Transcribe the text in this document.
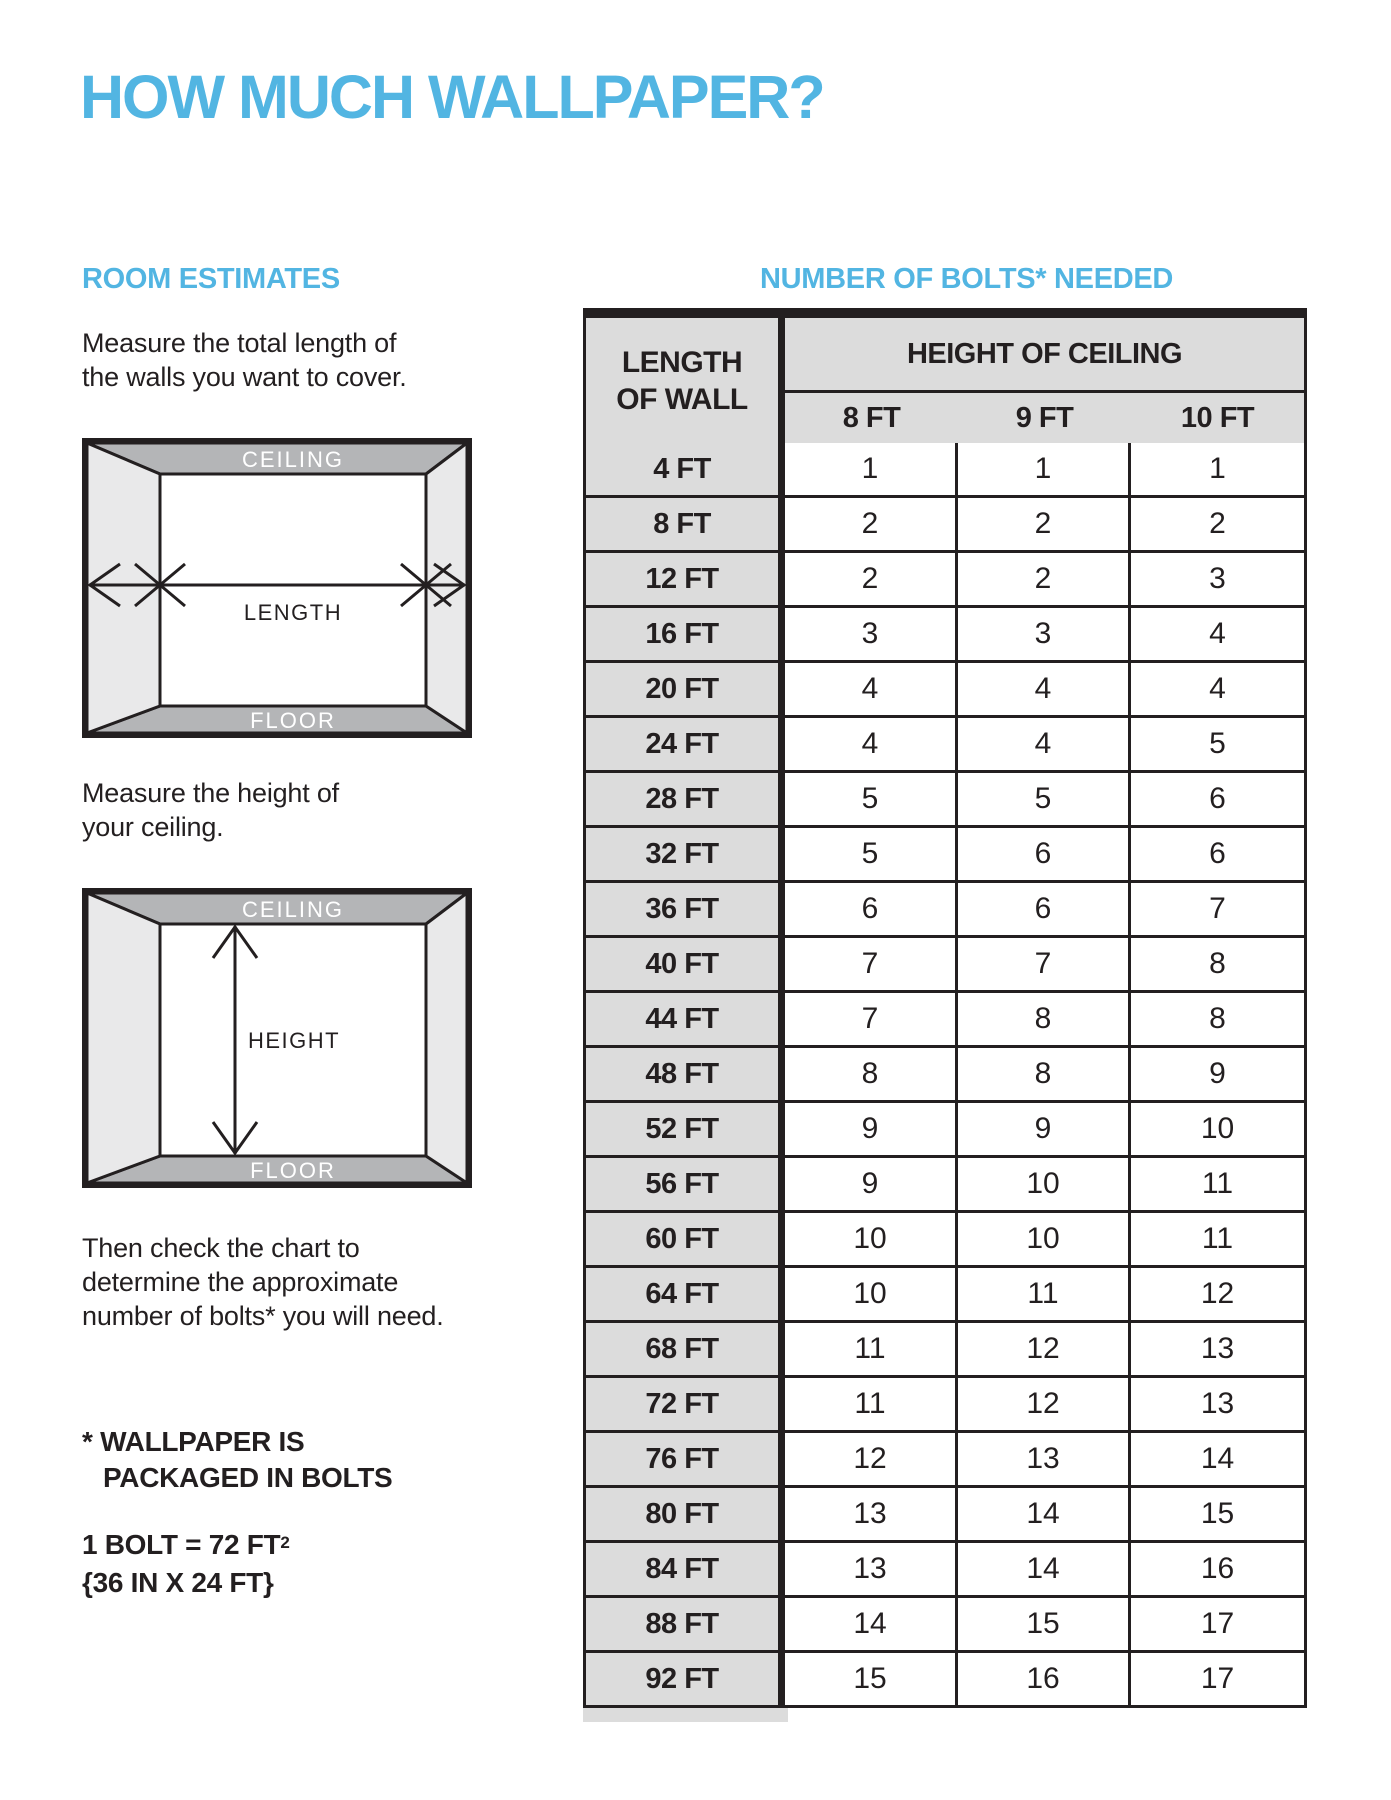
HOW MUCH WALLPAPER?
ROOM ESTIMATES	NUMBER OF BOLTS* NEEDED

Measure the total length of
the walls you want to cover.

CEILING
FLOOR
LENGTH

Measure the height of
your ceiling.

CEILING
FLOOR
HEIGHT

Then check the chart to
determine the approximate
number of bolts* you will need.

* WALLPAPER IS
PACKAGED IN BOLTS

1 BOLT = 72 $FT^2$
{36 IN X 24 FT}

LENGTH
OF WALL
HEIGHT OF CEILING
8 FT	9 FT	10 FT
4 FT	1	1	1
8 FT	2	2	2
12 FT	2	2	3
16 FT	3	3	4
20 FT	4	4	4
24 FT	4	4	5
28 FT	5	5	6
32 FT	5	6	6
36 FT	6	6	7
40 FT	7	7	8
44 FT	7	8	8
48 FT	8	8	9
52 FT	9	9	10
56 FT	9	10	11
60 FT	10	10	11
64 FT	10	11	12
68 FT	11	12	13
72 FT	11	12	13
76 FT	12	13	14
80 FT	13	14	15
84 FT	13	14	16
88 FT	14	15	17
92 FT	15	16	17
